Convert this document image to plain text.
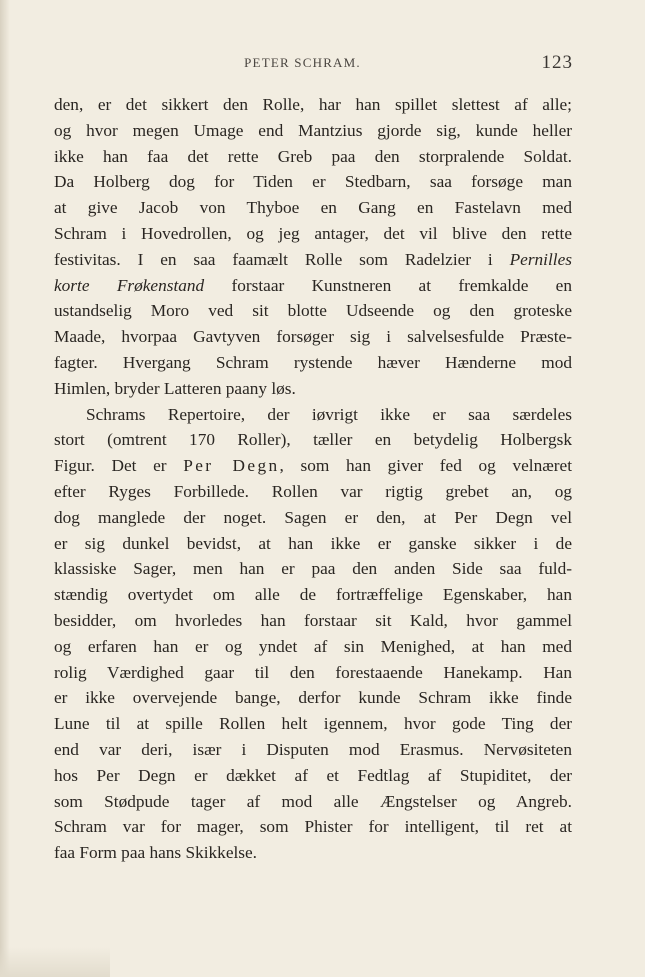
PETER SCHRAM.	123
den, er det sikkert den Rolle, har han spillet slettest af alle;
og hvor megen Umage end Mantzius gjorde sig, kunde heller
ikke han faa det rette Greb paa den storpralende Soldat.
Da Holberg dog for Tiden er Stedbarn, saa forsøge man
at give Jacob von Thyboe en Gang en Fastelavn med
Schram i Hovedrollen, og jeg antager, det vil blive den rette
festivitas. I en saa faamælt Rolle som Radelzier i Pernilles
korte Frøkenstand forstaar Kunstneren at fremkalde en
ustandselig Moro ved sit blotte Udseende og den groteske
Maade, hvorpaa Gavtyven forsøger sig i salvelsesfulde Præste-
fagter. Hvergang Schram rystende hæver Hænderne mod
Himlen, bryder Latteren paany løs.
Schrams Repertoire, der iøvrigt ikke er saa særdeles
stort (omtrent 170 Roller), tæller en betydelig Holbergsk
Figur. Det er Per Degn, som han giver fed og velnæret
efter Ryges Forbillede. Rollen var rigtig grebet an, og
dog manglede der noget. Sagen er den, at Per Degn vel
er sig dunkel bevidst, at han ikke er ganske sikker i de
klassiske Sager, men han er paa den anden Side saa fuld-
stændig overtydet om alle de fortræffelige Egenskaber, han
besidder, om hvorledes han forstaar sit Kald, hvor gammel
og erfaren han er og yndet af sin Menighed, at han med
rolig Værdighed gaar til den forestaaende Hanekamp. Han
er ikke overvejende bange, derfor kunde Schram ikke finde
Lune til at spille Rollen helt igennem, hvor gode Ting der
end var deri, især i Disputen mod Erasmus. Nervøsiteten
hos Per Degn er dækket af et Fedtlag af Stupiditet, der
som Stødpude tager af mod alle Ængstelser og Angreb.
Schram var for mager, som Phister for intelligent, til ret at
faa Form paa hans Skikkelse.
